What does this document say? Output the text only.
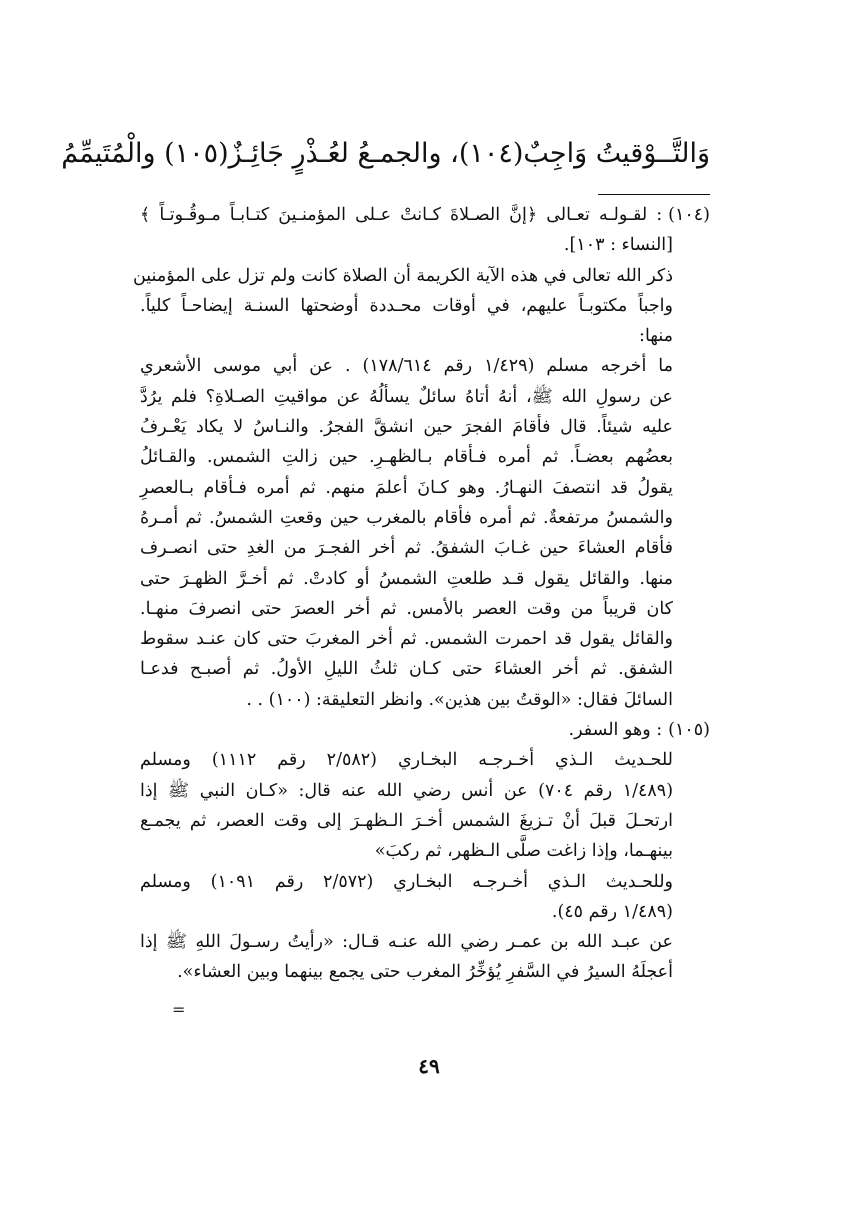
وَالتَّــوْقيتُ وَاجِبٌ(١٠٤)، والجمـعُ لعُـذْرٍ جَائِـزٌ(١٠٥) والْمُتَيمِّمُ
(١٠٤)
: لقـولـه تعـالى ﴿إنَّ الصـلاةَ كـانتْ عـلى المؤمنـينَ كتـابـاً مـوقُـوتـاً ﴾
[النساء : ١٠٣].
ذكر الله تعالى في هذه الآية الكريمة أن الصلاة كانت ولم تزل على المؤمنين
واجباً مكتوبـاً عليهم، في أوقات محـددة أوضحتها السنـة إيضاحـاً كلياً.
منها:
ما أخرجه مسلم (١/٤٢٩ رقم ١٧٨/٦١٤) . عن أبي موسى الأشعري
عن رسولِ الله ﷺ، أنهُ أتاهُ سائلٌ يسألُهُ عن مواقيتِ الصـلاةِ؟ فلم يرُدَّ
عليه شيئاً. قال فأقامَ الفجرَ حين انشقَّ الفجرُ. والنـاسُ لا يكاد يَعْـرفُ
بعضُهم بعضـاً. ثم أمره فـأقام بـالظهـرِ. حين زالتِ الشمس. والقـائلُ
يقولُ قد انتصفَ النهـارُ. وهو كـانَ أعلمَ منهم. ثم أمره فـأقام بـالعصرِ
والشمسُ مرتفعةٌ. ثم أمره فأقام بالمغرب حين وقعتِ الشمسُ. ثم أمـرهُ
فأقام العشاءَ حين غـابَ الشفقُ. ثم أخر الفجـرَ من الغدِ حتى انصـرف
منها. والقائل يقول قـد طلعتِ الشمسُ أو كادتْ. ثم أخـرَّ الظهـرَ حتى
كان قريباً من وقت العصر بالأمس. ثم أخر العصرَ حتى انصرفَ منهـا.
والقائل يقول قد احمرت الشمس. ثم أخر المغربَ حتى كان عنـد سقوط
الشفق. ثم أخر العشاءَ حتى كـان ثلثُ الليلِ الأولُ. ثم أصبـح فدعـا
السائلَ فقال: «الوقتُ بين هذين». وانظر التعليقة: (١٠٠) . .
(١٠٥)
: وهو السفر.
للحـديث الـذي أخـرجـه البخـاري (٢/٥٨٢ رقم ١١١٢) ومسلم
(١/٤٨٩ رقم ٧٠٤) عن أنس رضي الله عنه قال: «كـان النبي ﷺ إذا
ارتحـلَ قبلَ أنْ تـزيغَ الشمس أخـرَ الـظهـرَ إلى وقت العصر، ثم يجمـع
بينهـما، وإذا زاغت صلَّى الـظهر، ثم ركبَ»
وللحـديث الـذي أخـرجـه البخـاري (٢/٥٧٢ رقم ١٠٩١) ومسلم
(١/٤٨٩ رقم ٤٥).
عن عبـد الله بن عمـر رضي الله عنـه قـال: «رأيتُ رسـولَ اللهِ ﷺ إذا
أعجلَهُ السيرُ في السَّفرِ يُؤخِّرُ المغرب حتى يجمع بينهما وبين العشاء».
=
٤٩
